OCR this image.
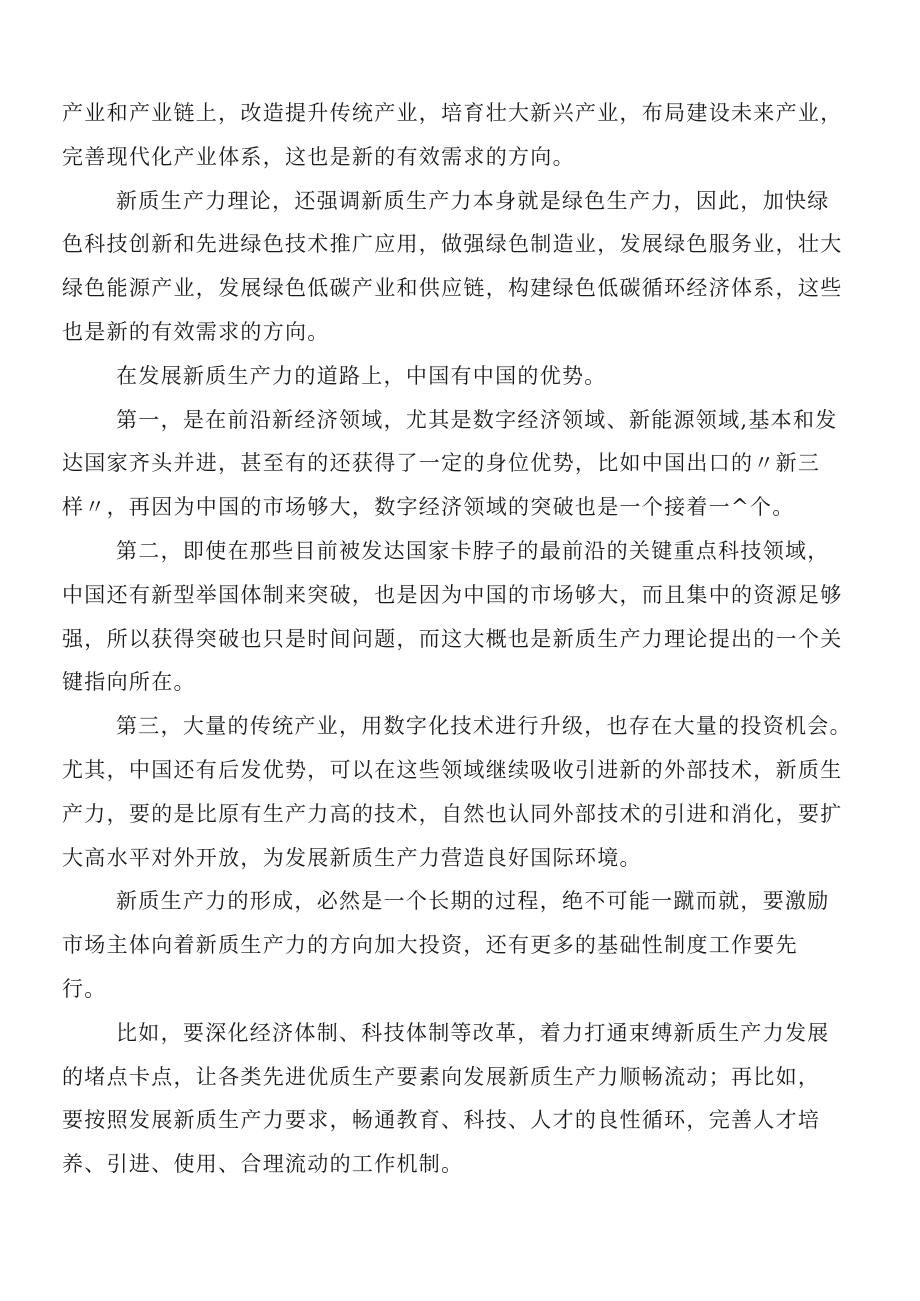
产业和产业链上，改造提升传统产业，培育壮大新兴产业，布局建设未来产业，
完善现代化产业体系，这也是新的有效需求的方向。
新质生产力理论，还强调新质生产力本身就是绿色生产力，因此，加快绿
色科技创新和先进绿色技术推广应用，做强绿色制造业，发展绿色服务业，壮大
绿色能源产业，发展绿色低碳产业和供应链，构建绿色低碳循环经济体系，这些
也是新的有效需求的方向。
在发展新质生产力的道路上，中国有中国的优势。
第一，是在前沿新经济领域，尤其是数字经济领域、新能源领域,基本和发
达国家齐头并进，甚至有的还获得了一定的身位优势，比如中国出口的〃新三
样〃，再因为中国的市场够大，数字经济领域的突破也是一个接着一^个。
第二，即使在那些目前被发达国家卡脖子的最前沿的关键重点科技领域，
中国还有新型举国体制来突破，也是因为中国的市场够大，而且集中的资源足够
强，所以获得突破也只是时间问题，而这大概也是新质生产力理论提出的一个关
键指向所在。
第三，大量的传统产业，用数字化技术进行升级，也存在大量的投资机会。
尤其，中国还有后发优势，可以在这些领域继续吸收引进新的外部技术，新质生
产力，要的是比原有生产力高的技术，自然也认同外部技术的引进和消化，要扩
大高水平对外开放，为发展新质生产力营造良好国际环境。
新质生产力的形成，必然是一个长期的过程，绝不可能一蹴而就，要激励
市场主体向着新质生产力的方向加大投资，还有更多的基础性制度工作要先
行。
比如，要深化经济体制、科技体制等改革，着力打通束缚新质生产力发展
的堵点卡点，让各类先进优质生产要素向发展新质生产力顺畅流动；再比如，
要按照发展新质生产力要求，畅通教育、科技、人才的良性循环，完善人才培
养、引进、使用、合理流动的工作机制。
